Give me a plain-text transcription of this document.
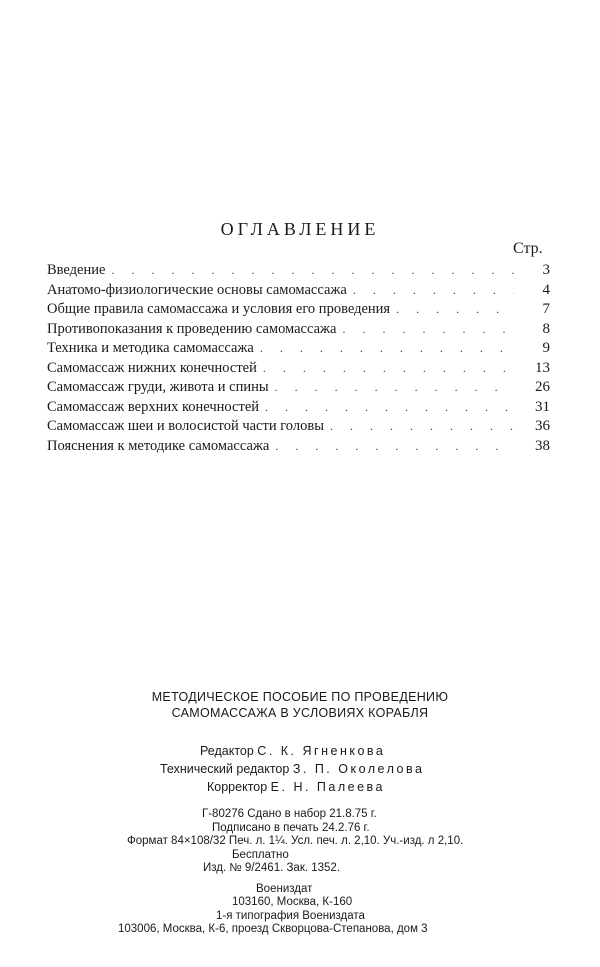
ОГЛАВЛЕНИЕ
Стр.
Введение . . .	3
Анатомо-физиологические основы самомассажа . . .	4
Общие правила самомассажа и условия его проведения . . .	7
Противопоказания к проведению самомассажа . . .	8
Техника и методика самомассажа . . .	9
Самомассаж нижних конечностей . . .	13
Самомассаж груди, живота и спины . . .	26
Самомассаж верхних конечностей . . .	31
Самомассаж шеи и волосистой части головы . . .	36
Пояснения к методике самомассажа . . .	38
МЕТОДИЧЕСКОЕ ПОСОБИЕ ПО ПРОВЕДЕНИЮ
САМОМАССАЖА В УСЛОВИЯХ КОРАБЛЯ
Редактор С. К. Ягненкова
Технический редактор З. П. Околелова
Корректор Е. Н. Палеева
Г-80276 Сдано в набор 21.8.75 г.
Подписано в печать 24.2.76 г.
Формат 84×108/32 Печ. л. 1¼. Усл. печ. л. 2,10. Уч.-изд. л 2,10.
Бесплатно
Изд. № 9/2461. Зак. 1352.
Воениздат
103160, Москва, К-160
1-я типография Воениздата
103006, Москва, К-6, проезд Скворцова-Степанова, дом 3
